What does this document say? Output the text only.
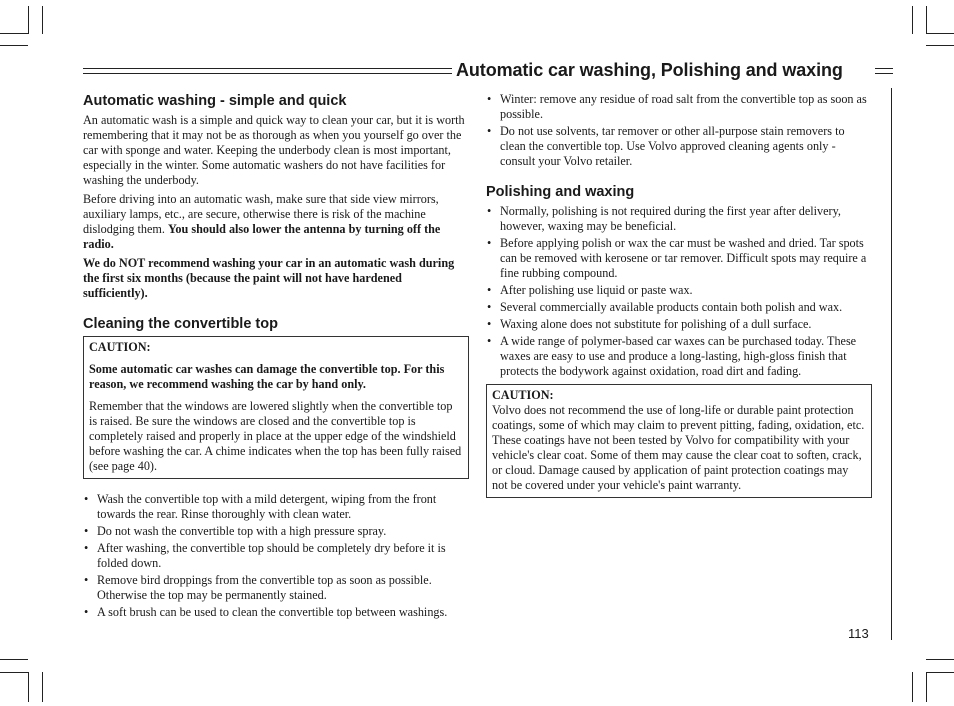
Automatic car washing, Polishing and waxing
Automatic washing - simple and quick

An automatic wash is a simple and quick way to clean your car, but it is worth remembering that it may not be as thorough as when you yourself go over the car with sponge and water. Keeping the underbody clean is most important, especially in the winter. Some automatic washers do not have facilities for washing the underbody.

Before driving into an automatic wash, make sure that side view mirrors, auxiliary lamps, etc., are secure, otherwise there is risk of the machine dislodging them. You should also lower the antenna by turning off the radio.

We do NOT recommend washing your car in an automatic wash during the first six months (because the paint will not have hardened sufficiently).

Cleaning the convertible top

CAUTION:

Some automatic car washes can damage the convertible top. For this reason, we recommend washing the car by hand only.

Remember that the windows are lowered slightly when the convertible top is raised. Be sure the windows are closed and the convertible top is completely raised and properly in place at the upper edge of the windshield before washing the car. A chime indicates when the top has been fully raised (see page 40).

• Wash the convertible top with a mild detergent, wiping from the front towards the rear. Rinse thoroughly with clean water.
• Do not wash the convertible top with a high pressure spray.
• After washing, the convertible top should be completely dry before it is folded down.
• Remove bird droppings from the convertible top as soon as possible. Otherwise the top may be permanently stained.
• A soft brush can be used to clean the convertible top between washings.
• Winter: remove any residue of road salt from the convertible top as soon as possible.
• Do not use solvents, tar remover or other all-purpose stain removers to clean the convertible top. Use Volvo approved cleaning agents only - consult your Volvo retailer.
Polishing and waxing
• Normally, polishing is not required during the first year after delivery, however, waxing may be beneficial.
• Before applying polish or wax the car must be washed and dried. Tar spots can be removed with kerosene or tar remover. Difficult spots may require a fine rubbing compound.
• After polishing use liquid or paste wax.
• Several commercially available products contain both polish and wax.
• Waxing alone does not substitute for polishing of a dull surface.
• A wide range of polymer-based car waxes can be purchased today. These waxes are easy to use and produce a long-lasting, high-gloss finish that protects the bodywork against oxidation, road dirt and fading.

CAUTION:

Volvo does not recommend the use of long-life or durable paint protection coatings, some of which may claim to prevent pitting, fading, oxidation, etc. These coatings have not been tested by Volvo for compatibility with your vehicle's clear coat. Some of them may cause the clear coat to soften, crack, or cloud. Damage caused by application of paint protection coatings may not be covered under your vehicle's paint warranty.

113
